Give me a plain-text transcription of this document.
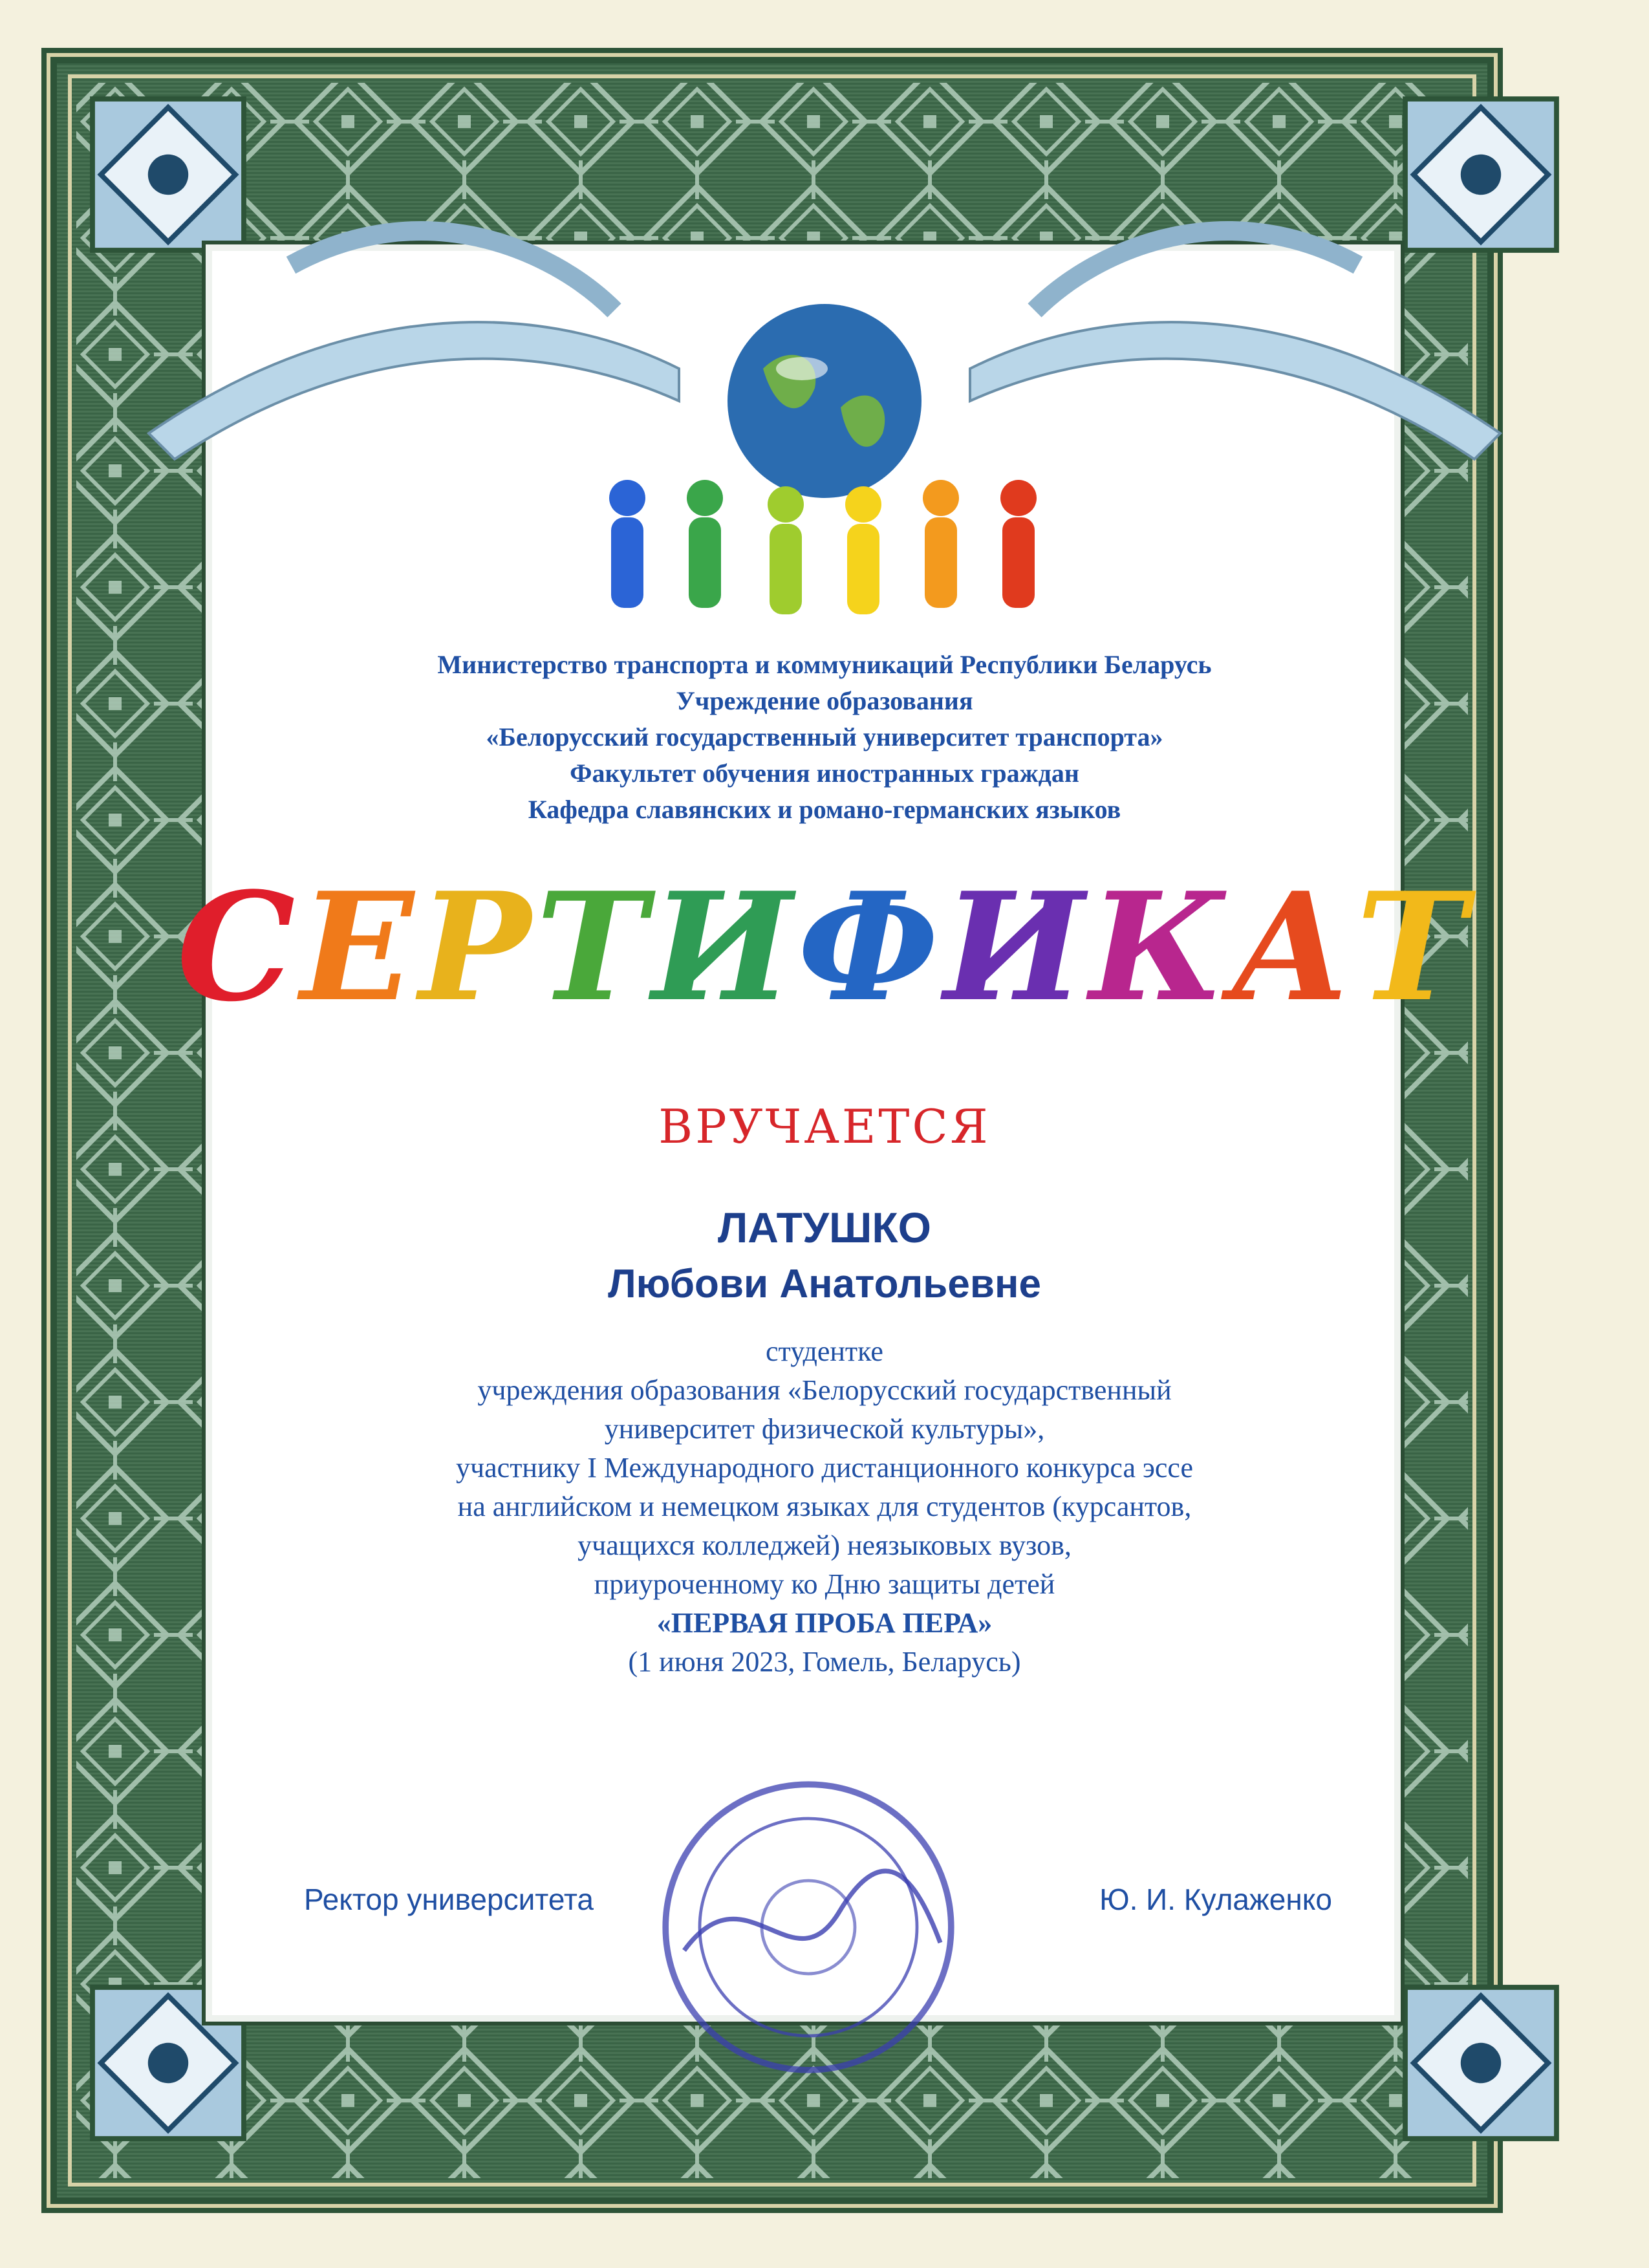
Министерство транспорта и коммуникаций Республики Беларусь
Учреждение образования
«Белорусский государственный университет транспорта»
Факультет обучения иностранных граждан
Кафедра славянских и романо-германских языков
СЕРТИФИКАТ
ВРУЧАЕТСЯ
ЛАТУШКО
Любови Анатольевне
студентке
учреждения образования «Белорусский государственный
университет физической культуры»,
участнику I Международного дистанционного конкурса эссе
на английском и немецком языках для студентов (курсантов,
учащихся колледжей) неязыковых вузов,
приуроченному ко Дню защиты детей
«ПЕРВАЯ ПРОБА ПЕРА»
(1 июня 2023, Гомель, Беларусь)
Ректор университета	Ю. И. Кулаженко
